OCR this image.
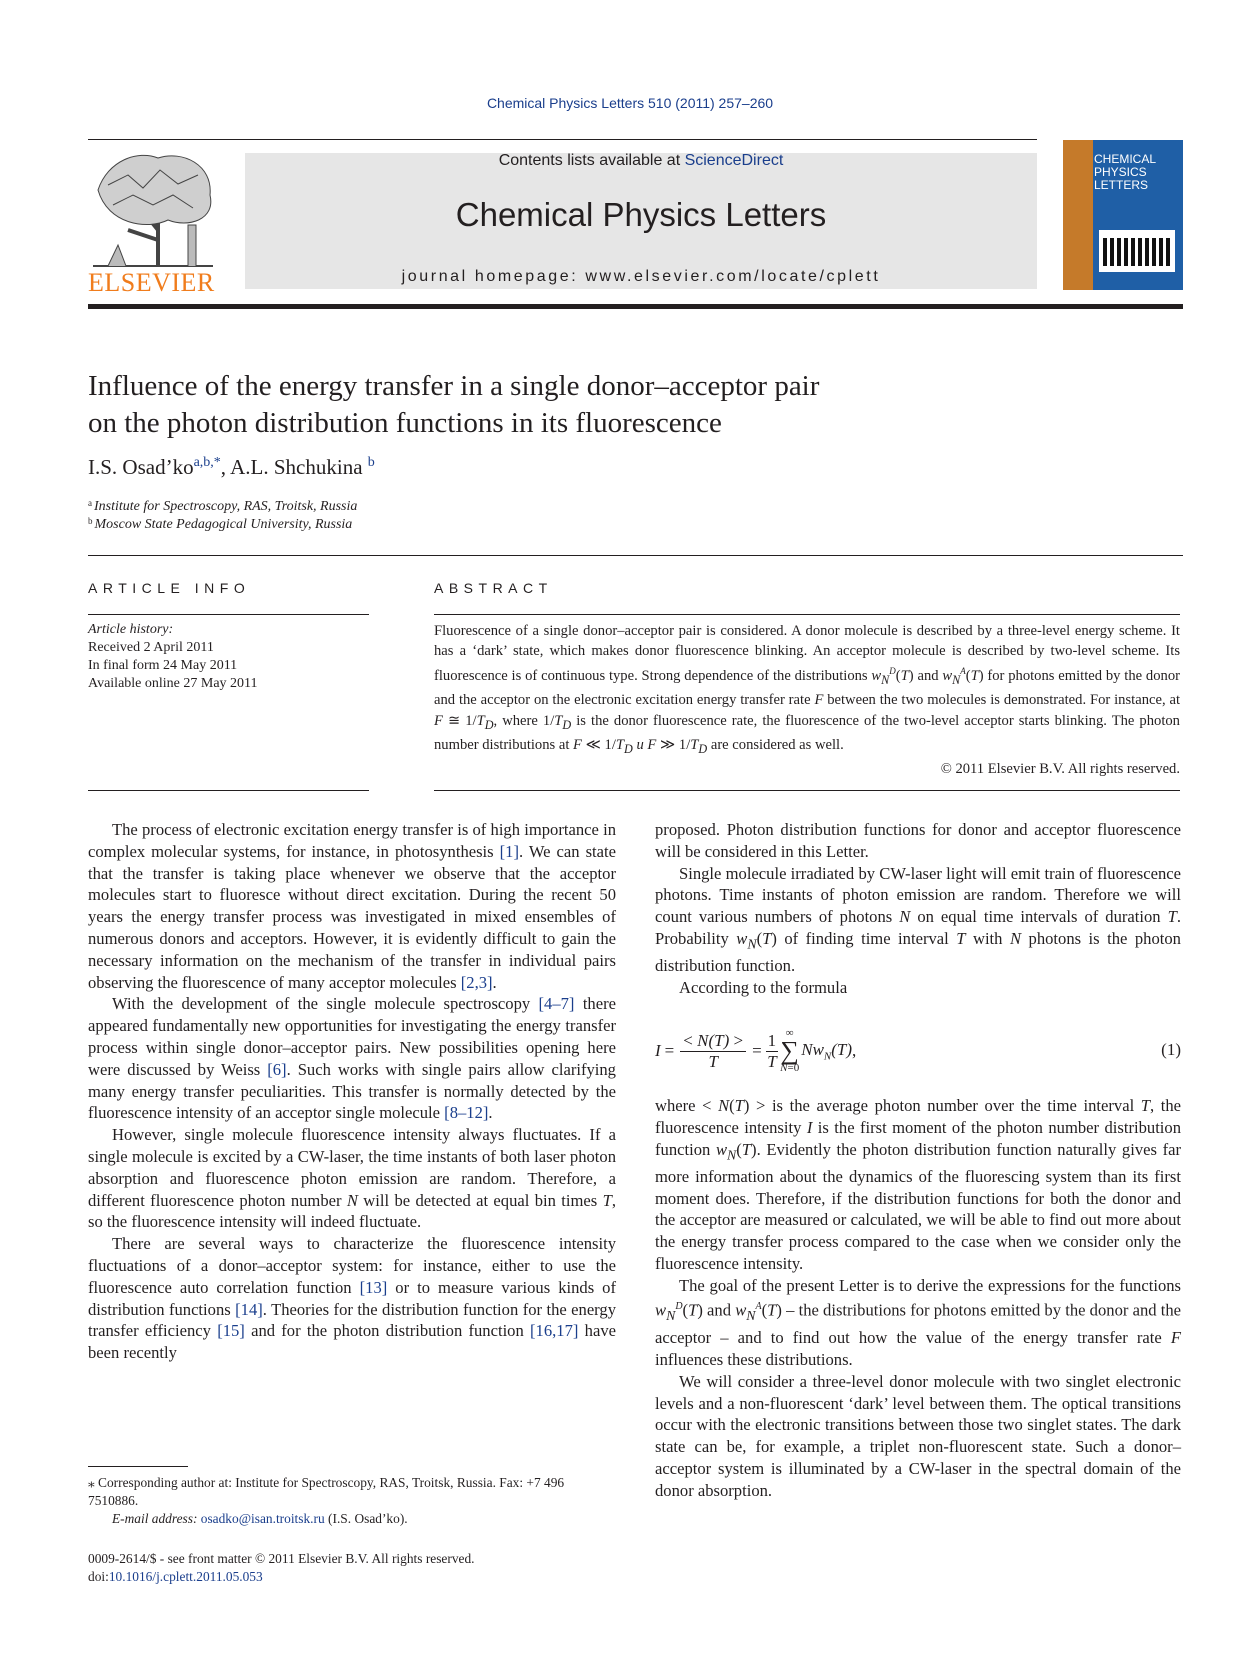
Chemical Physics Letters 510 (2011) 257–260
ELSEVIER
Contents lists available at ScienceDirect
Chemical Physics Letters
journal homepage: www.elsevier.com/locate/cplett
CHEMICAL
PHYSICS
LETTERS
Influence of the energy transfer in a single donor–acceptor pair
on the photon distribution functions in its fluorescence
I.S. $Osad’ko^{a,b,*}$, A.L. Shchukina $^b$
$^a$ Institute for Spectroscopy, RAS, Troitsk, Russia
$^b$ Moscow State Pedagogical University, Russia
ARTICLE INFO
Article history:
Received 2 April 2011
In final form 24 May 2011
Available online 27 May 2011
ABSTRACT
Fluorescence of a single donor–acceptor pair is considered. A donor molecule is described by a three-level energy scheme. It has a ‘dark’ state, which makes donor fluorescence blinking. An acceptor molecule is described by two-level scheme. Its fluorescence is of continuous type. Strong dependence of the distributions $w_N^D(T)$ and $w_N^A(T)$ for photons emitted by the donor and the acceptor on the electronic excitation energy transfer rate F between the two molecules is demonstrated. For instance, at F ≅ $1/T_D$, where $1/T_D$ is the donor fluorescence rate, the fluorescence of the two-level acceptor starts blinking. The photon number distributions at F ≪ $1/T_D$ u F ≫ $1/T_D$ are considered as well.
© 2011 Elsevier B.V. All rights reserved.

The process of electronic excitation energy transfer is of high importance in complex molecular systems, for instance, in photosynthesis [1]. We can state that the transfer is taking place whenever we observe that the acceptor molecules start to fluoresce without direct excitation. During the recent 50 years the energy transfer process was investigated in mixed ensembles of numerous donors and acceptors. However, it is evidently difficult to gain the necessary information on the mechanism of the transfer in individual pairs observing the fluorescence of many acceptor molecules [2,3].

With the development of the single molecule spectroscopy [4–7] there appeared fundamentally new opportunities for investigating the energy transfer process within single donor–acceptor pairs. New possibilities opening here were discussed by Weiss [6]. Such works with single pairs allow clarifying many energy transfer peculiarities. This transfer is normally detected by the fluorescence intensity of an acceptor single molecule [8–12].

However, single molecule fluorescence intensity always fluctuates. If a single molecule is excited by a CW-laser, the time instants of both laser photon absorption and fluorescence photon emission are random. Therefore, a different fluorescence photon number N will be detected at equal bin times T, so the fluorescence intensity will indeed fluctuate.

There are several ways to characterize the fluorescence intensity fluctuations of a donor–acceptor system: for instance, either to use the fluorescence auto correlation function [13] or to measure various kinds of distribution functions [14]. Theories for the distribution function for the energy transfer efficiency [15] and for the photon distribution function [16,17] have been recently

proposed. Photon distribution functions for donor and acceptor fluorescence will be considered in this Letter.

Single molecule irradiated by CW-laser light will emit train of fluorescence photons. Time instants of photon emission are random. Therefore we will count various numbers of photons N on equal time intervals of duration T. Probability $w_N(T)$ of finding time interval T with N photons is the photon distribution function.

According to the formula

$I = \frac{< N(T) >}{T} = \frac{1}{T}$ ∞
∑
N=0
$Nw_N(T)$ ,	(1)

where < N(T) > is the average photon number over the time interval T, the fluorescence intensity I is the first moment of the photon number distribution function $w_N(T)$. Evidently the photon distribution function naturally gives far more information about the dynamics of the fluorescing system than its first moment does. Therefore, if the distribution functions for both the donor and the acceptor are measured or calculated, we will be able to find out more about the energy transfer process compared to the case when we consider only the fluorescence intensity.

The goal of the present Letter is to derive the expressions for the functions $w_N^D(T)$ and $w_N^A(T)$ – the distributions for photons emitted by the donor and the acceptor – and to find out how the value of the energy transfer rate F influences these distributions.

We will consider a three-level donor molecule with two singlet electronic levels and a non-fluorescent ‘dark’ level between them. The optical transitions occur with the electronic transitions between those two singlet states. The dark state can be, for example, a triplet non-fluorescent state. Such a donor–acceptor system is illuminated by a CW-laser in the spectral domain of the donor absorption.

⁎ Corresponding author at: Institute for Spectroscopy, RAS, Troitsk, Russia. Fax: +7 496 7510886.
E-mail address: osadko@isan.troitsk.ru (I.S. Osad’ko).
0009-2614/$ - see front matter © 2011 Elsevier B.V. All rights reserved.
doi:10.1016/j.cplett.2011.05.053
